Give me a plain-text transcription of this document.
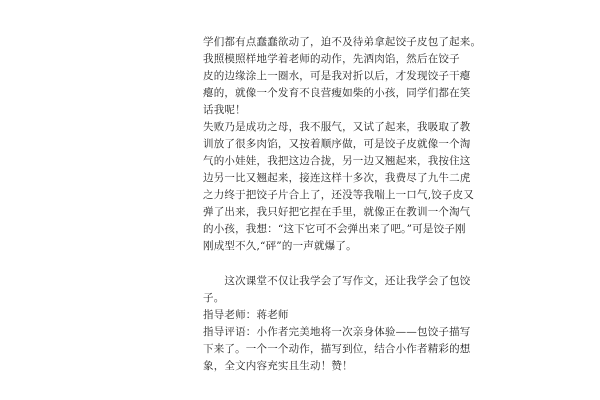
学们都有点蠢蠢欲动了，迫不及待弟拿起饺子皮包了起来。
我照模照样地学着老师的动作，先洒肉馅，然后在饺子
皮的边缘涂上一圈水，可是我对折以后，才发现饺子干瘪
瘪的，就像一个发育不良营瘦如柴的小孩，同学们都在笑
话我呢！
失败乃是成功之母，我不服气，又试了起来，我吸取了教
训放了很多肉馅，又按着顺序做，可是饺子皮就像一个淘
气的小娃娃，我把这边合拢，另一边又翘起来，我按住这
边另一比又翘起来，接连这样十多次，我费尽了九牛二虎
之力终于把饺子片合上了，还没等我喘上一口气,饺子皮又
弹了出来，我只好把它捏在手里，就像正在教训一个淘气
的小孩，我想：“这下它可不会弹出来了吧。”可是饺子刚
刚成型不久,“砰”的一声就爆了。
　　这次课堂不仅让我学会了写作文，还让我学会了包饺
子。
指导老师：蒋老师
指导评语：小作者完美地将一次亲身体验——包饺子描写
下来了。一个一个动作，描写到位，结合小作者精彩的想
象，全文内容充实且生动！赞！
